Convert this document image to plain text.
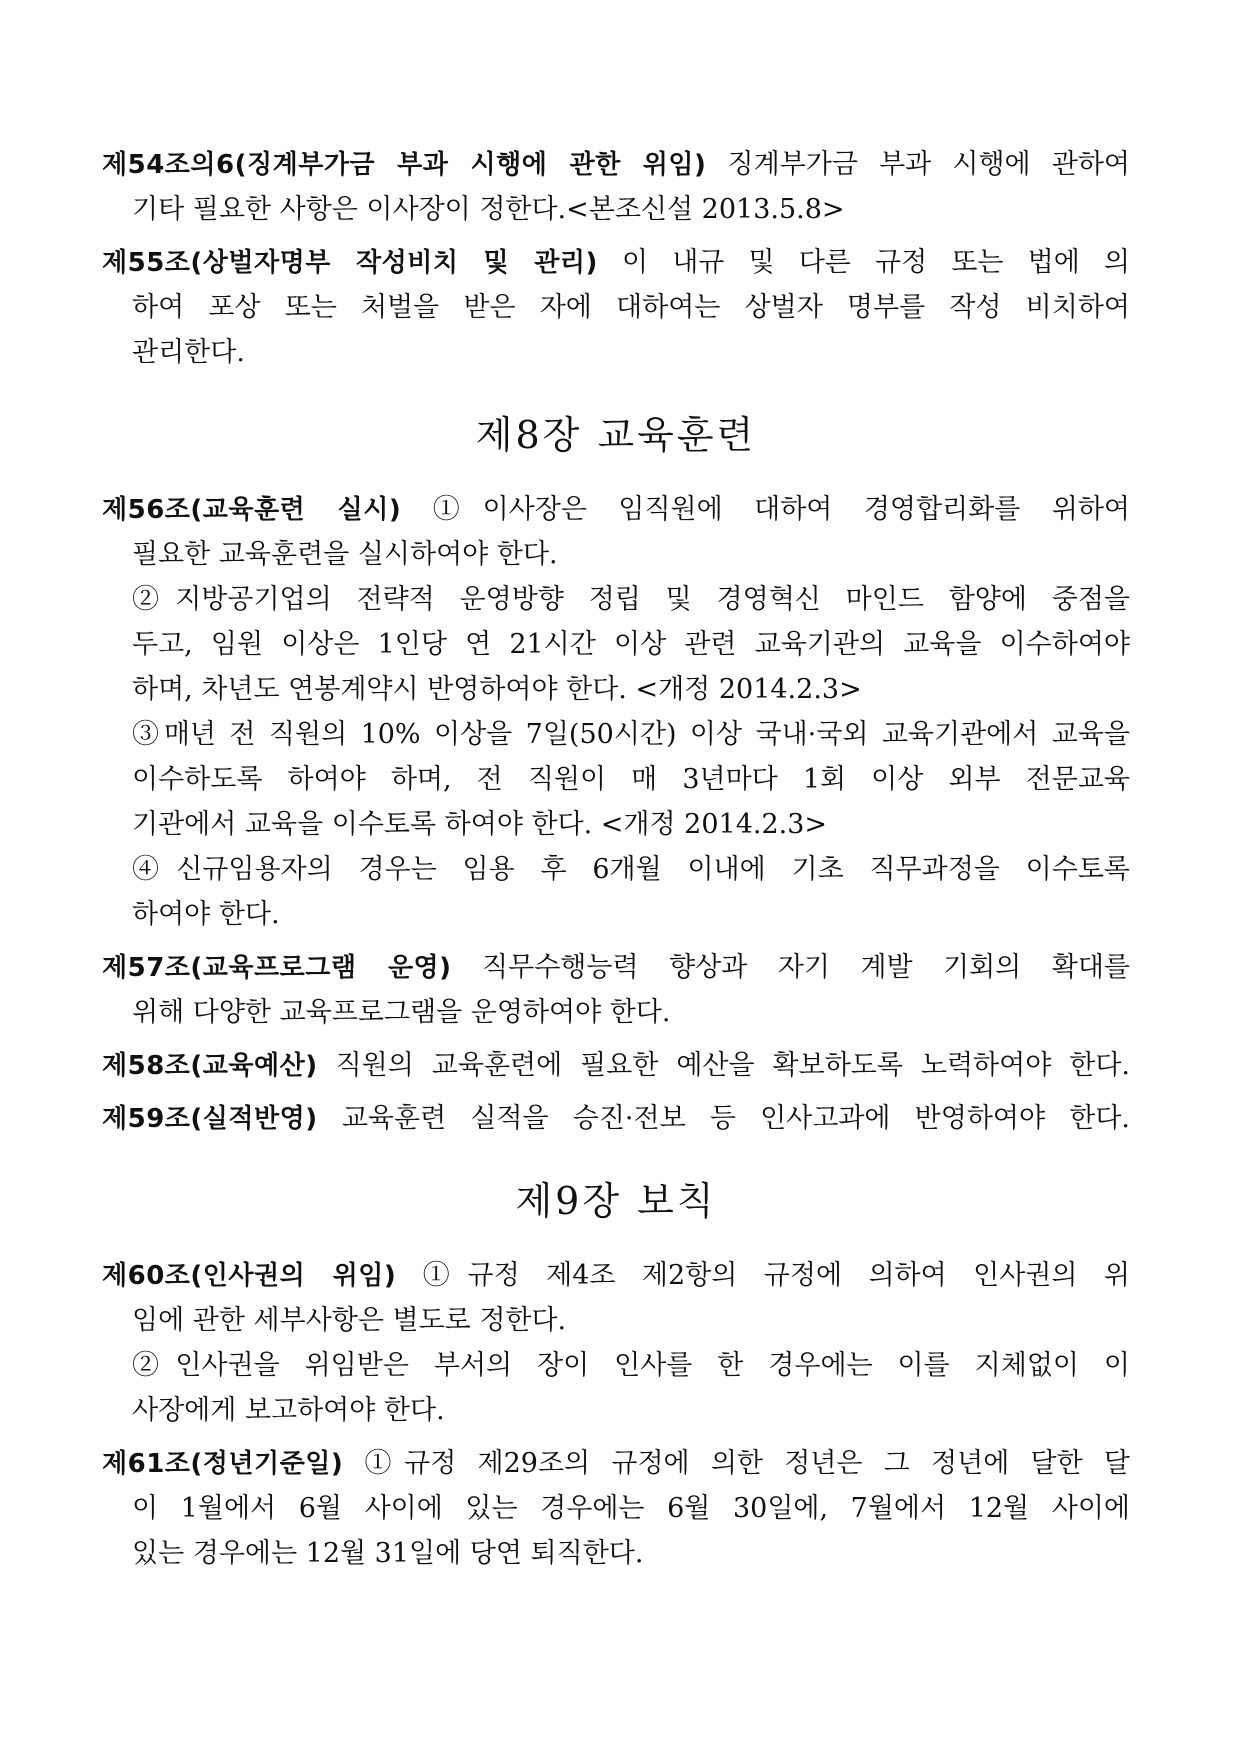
제54조의6(징계부가금 부과 시행에 관한 위임) 징계부가금 부과 시행에 관하여
기타 필요한 사항은 이사장이 정한다.<본조신설 2013.5.8>
제55조(상벌자명부 작성비치 및 관리) 이 내규 및 다른 규정 또는 법에 의
하여 포상 또는 처벌을 받은 자에 대하여는 상벌자 명부를 작성 비치하여
관리한다.
제8장 교육훈련
제56조(교육훈련 실시) ①이사장은 임직원에 대하여 경영합리화를 위하여
필요한 교육훈련을 실시하여야 한다.
②지방공기업의 전략적 운영방향 정립 및 경영혁신 마인드 함양에 중점을
두고, 임원 이상은 1인당 연 21시간 이상 관련 교육기관의 교육을 이수하여야
하며, 차년도 연봉계약시 반영하여야 한다. <개정 2014.2.3>
③매년 전 직원의 10% 이상을 7일(50시간) 이상 국내·국외 교육기관에서 교육을
이수하도록 하여야 하며, 전 직원이 매 3년마다 1회 이상 외부 전문교육
기관에서 교육을 이수토록 하여야 한다. <개정 2014.2.3>
④신규임용자의 경우는 임용 후 6개월 이내에 기초 직무과정을 이수토록
하여야 한다.
제57조(교육프로그램 운영) 직무수행능력 향상과 자기 계발 기회의 확대를
위해 다양한 교육프로그램을 운영하여야 한다.
제58조(교육예산) 직원의 교육훈련에 필요한 예산을 확보하도록 노력하여야 한다.
제59조(실적반영) 교육훈련 실적을 승진·전보 등 인사고과에 반영하여야 한다.
제9장 보칙
제60조(인사권의 위임) ①규정 제4조 제2항의 규정에 의하여 인사권의 위
임에 관한 세부사항은 별도로 정한다.
②인사권을 위임받은 부서의 장이 인사를 한 경우에는 이를 지체없이 이
사장에게 보고하여야 한다.
제61조(정년기준일) ①규정 제29조의 규정에 의한 정년은 그 정년에 달한 달
이 1월에서 6월 사이에 있는 경우에는 6월 30일에, 7월에서 12월 사이에
있는 경우에는 12월 31일에 당연 퇴직한다.
